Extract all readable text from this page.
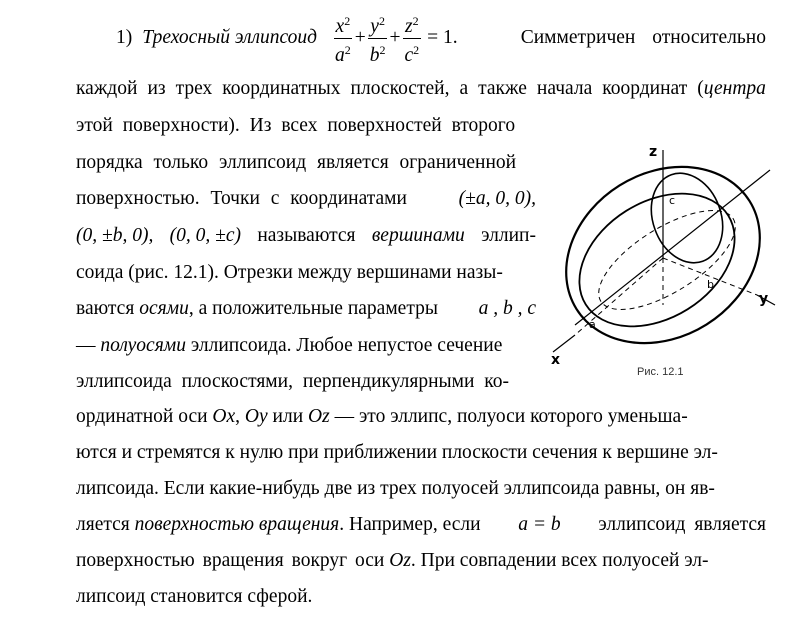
1) Трехосный эллипсоид $\frac{x^2}{a^2} + \frac{y^2}{b^2} + \frac{z^2}{c^2} = 1$.	Симметричен относительно
каждой из трех координатных плоскостей, а также начала координат (центра
этой поверхности). Из всех поверхностей второго
порядка только эллипсоид является ограниченной
поверхностью. Точки с координатами	(±a, 0, 0),
(0, ±b, 0), (0, 0, ±c) называются вершинами эллип-
соида (рис. 12.1). Отрезки между вершинами назы-
ваются осями, а положительные параметры a , b , c
— полуосями эллипсоида. Любое непустое сечение
эллипсоида плоскостями, перпендикулярными ко-
ординатной оси Ox, Oy или Oz — это эллипс, полуоси которого уменьша-
ются и стремятся к нулю при приближении плоскости сечения к вершине эл-
липсоида. Если какие-нибудь две из трех полуосей эллипсоида равны, он яв-
ляется поверхностью вращения. Например, если a = b эллипсоид является
поверхностью вращения вокруг оси Oz. При совпадении всех полуосей эл-
липсоид становится сферой.
z
y
x
a
b
c
Рис. 12.1
